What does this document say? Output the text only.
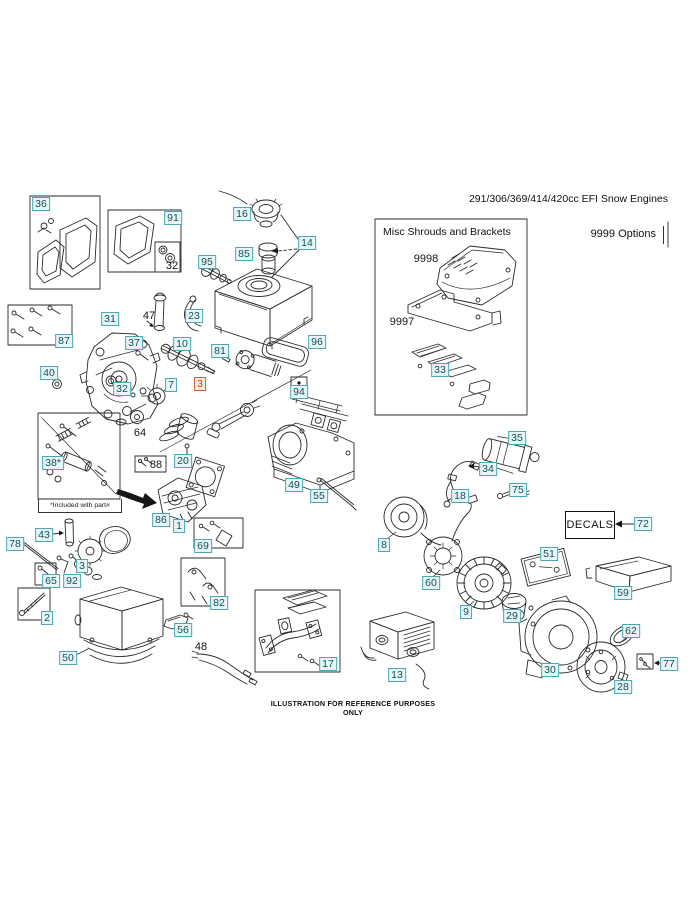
291/306/369/414/420cc EFI Snow Engines
9999 Options
Misc Shrouds and Brackets
DECALS
*Included with part#
ILLUSTRATION FOR REFERENCE PURPOSES ONLY
36
91
32 95
16
14
85
96
47	23
31
87	37	10
81
40
32	7 3
94
64
38*	88 20
49
55
86 1
43
78	69
65 92
3
2
50
56
48
82
17
13
33
9998
9997
35
34
18	75
72
8
60
51
59
9	29
62
30
28
77
